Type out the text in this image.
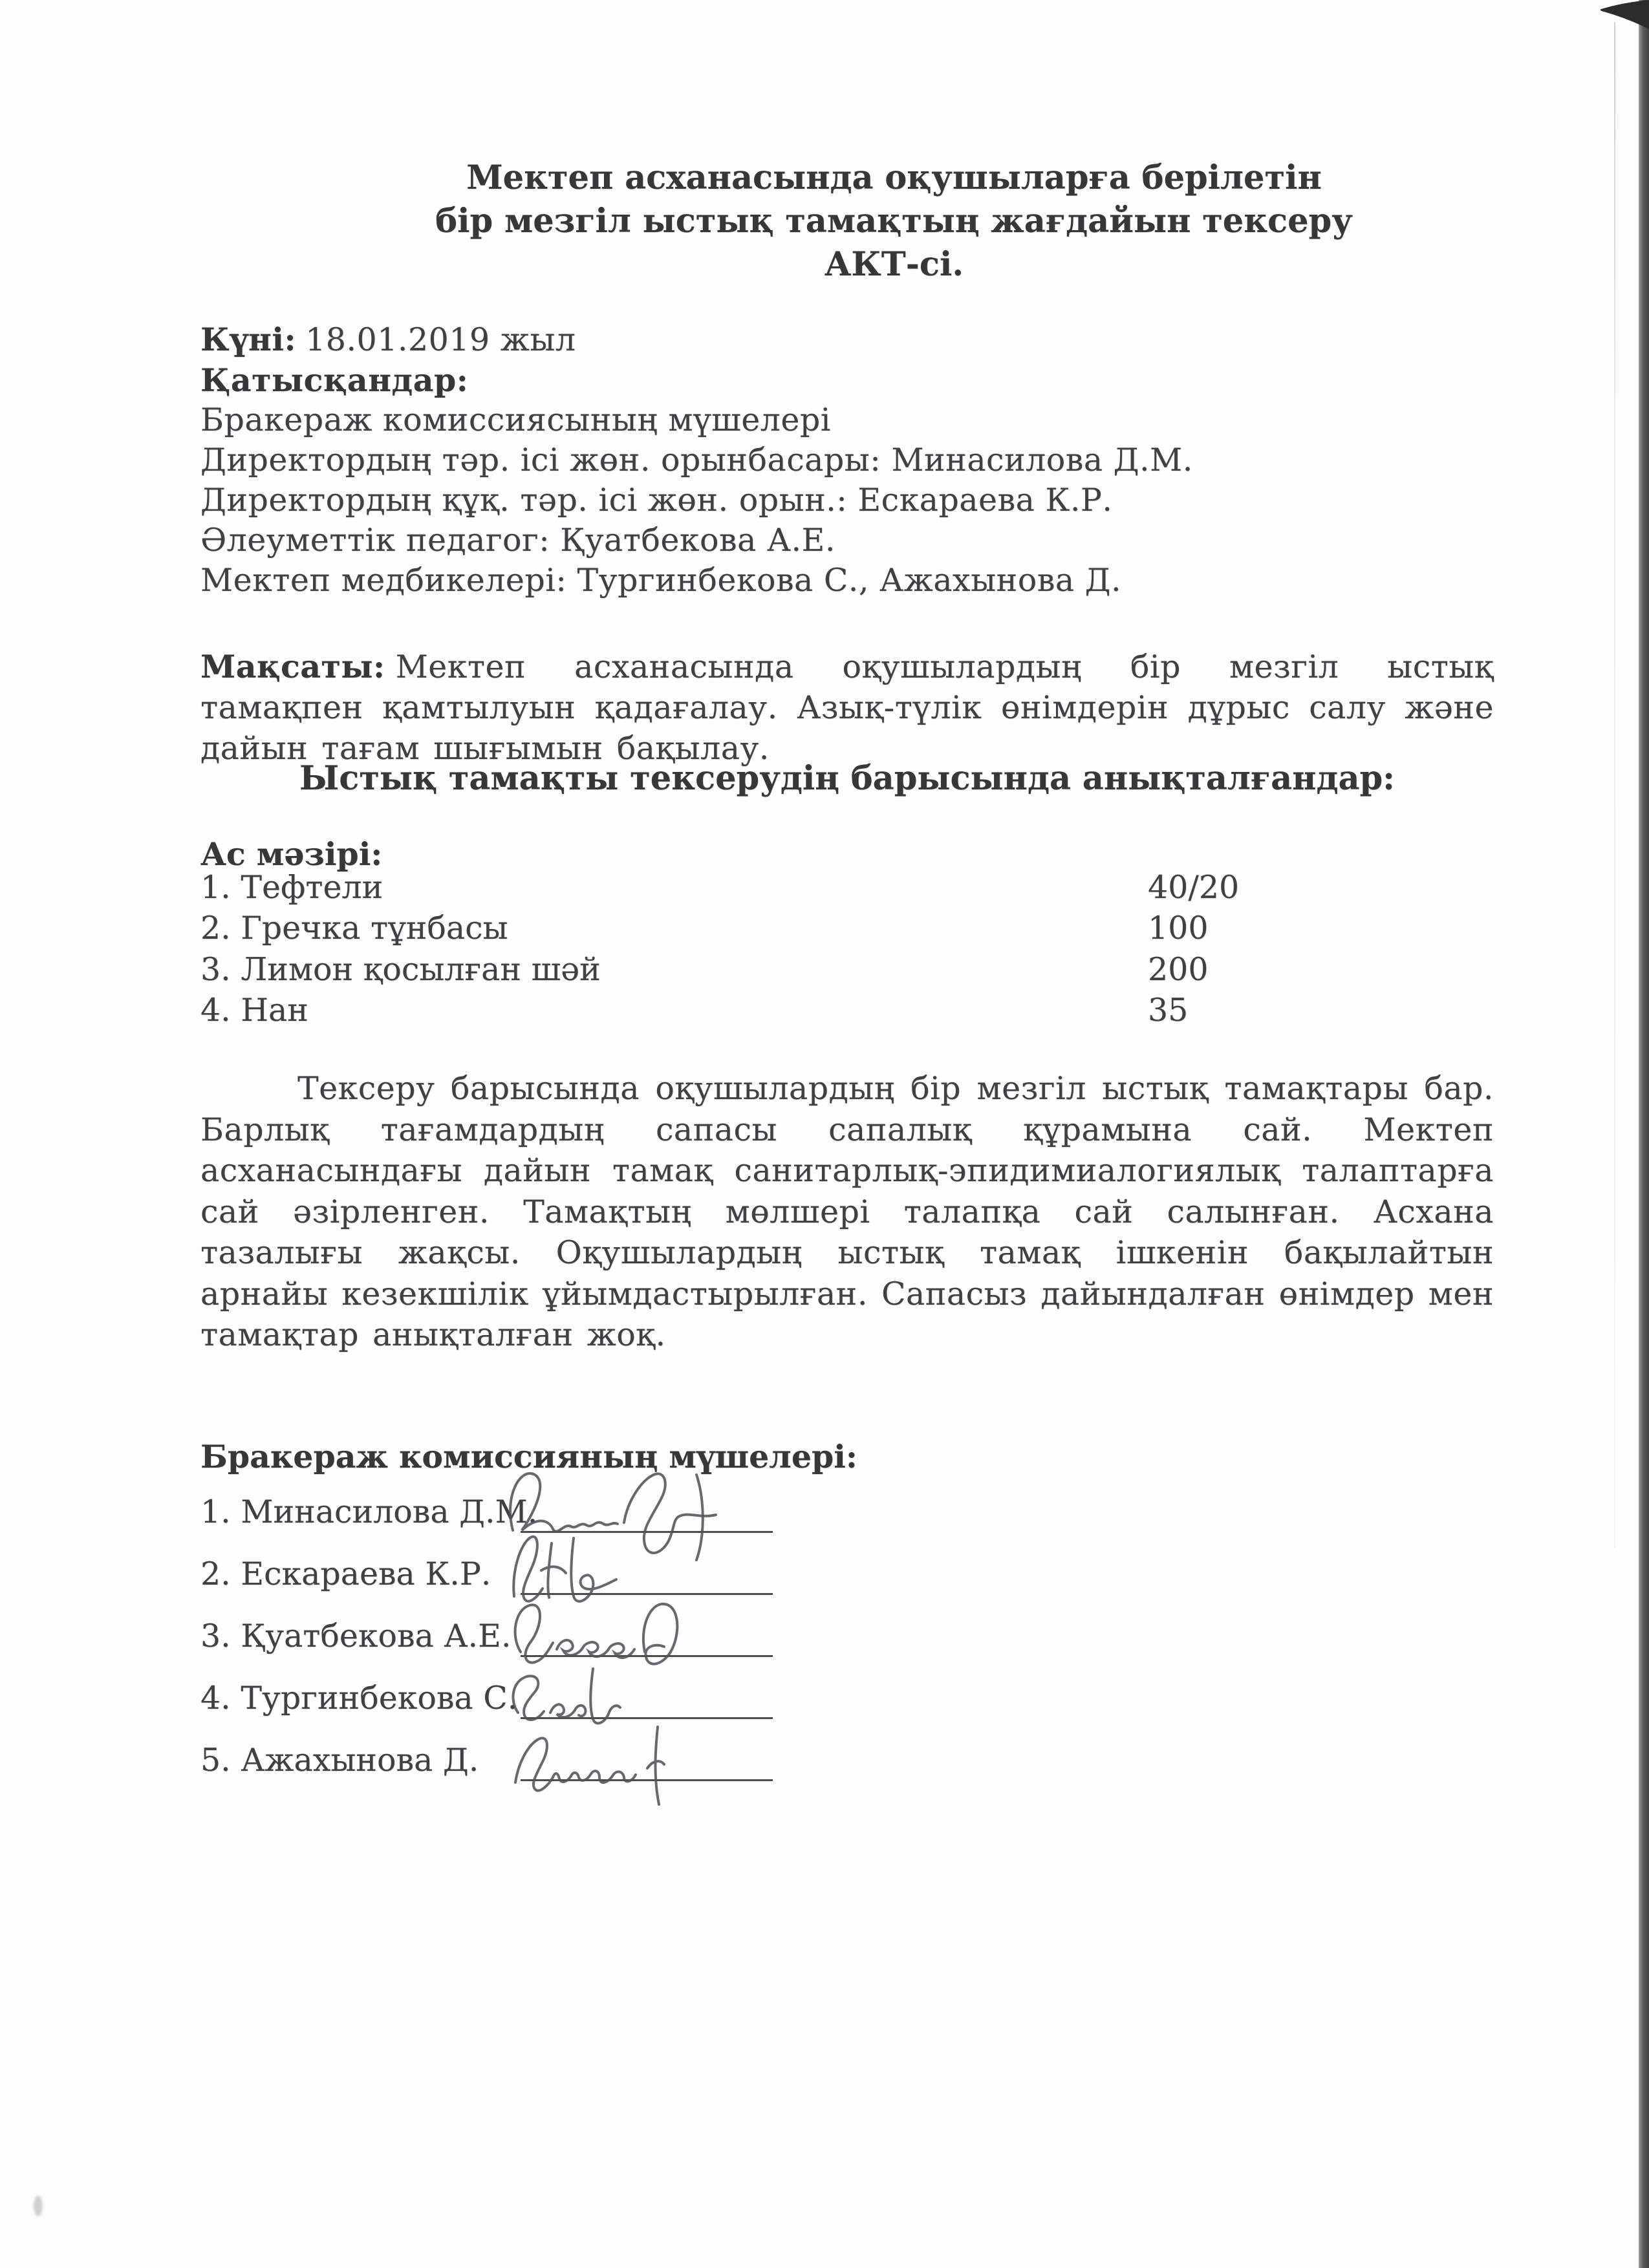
Мектеп асханасында оқушыларға берілетін
бір мезгіл ыстық тамақтың жағдайын тексеру
АКТ-сі.
Күні: 18.01.2019 жыл
Қатысқандар:
Бракераж комиссиясының мүшелері
Директордың тәр. ісі жөн. орынбасары: Минасилова Д.М.
Директордың құқ. тәр. ісі жөн. орын.: Ескараева К.Р.
Әлеуметтік педагог: Қуатбекова А.Е.
Мектеп медбикелері: Тургинбекова С., Ажахынова Д.
Мақсаты: Мектеп асханасында оқушылардың бір мезгіл ыстық тамақпен қамтылуын қадағалау. Азық-түлік өнімдерін дұрыс салу және дайын тағам шығымын бақылау.
Ыстық тамақты тексерудің барысында анықталғандар:
Ас мәзірі:
1. Тефтели	40/20
2. Гречка тұнбасы	100
3. Лимон қосылған шәй	200
4. Нан	35
Тексеру барысында оқушылардың бір мезгіл ыстық тамақтары бар. Барлық тағамдардың сапасы сапалық құрамына сай. Мектеп асханасындағы дайын тамақ санитарлық-эпидимиалогиялық талаптарға сай әзірленген. Тамақтың мөлшері талапқа сай салынған. Асхана тазалығы жақсы. Оқушылардың ыстық тамақ ішкенін бақылайтын арнайы кезекшілік ұйымдастырылған. Сапасыз дайындалған өнімдер мен тамақтар анықталған жоқ.
Бракераж комиссияның мүшелері:
1. Минасилова Д.М.
2. Ескараева К.Р.
3. Қуатбекова А.Е.
4. Тургинбекова С.
5. Ажахынова Д.
